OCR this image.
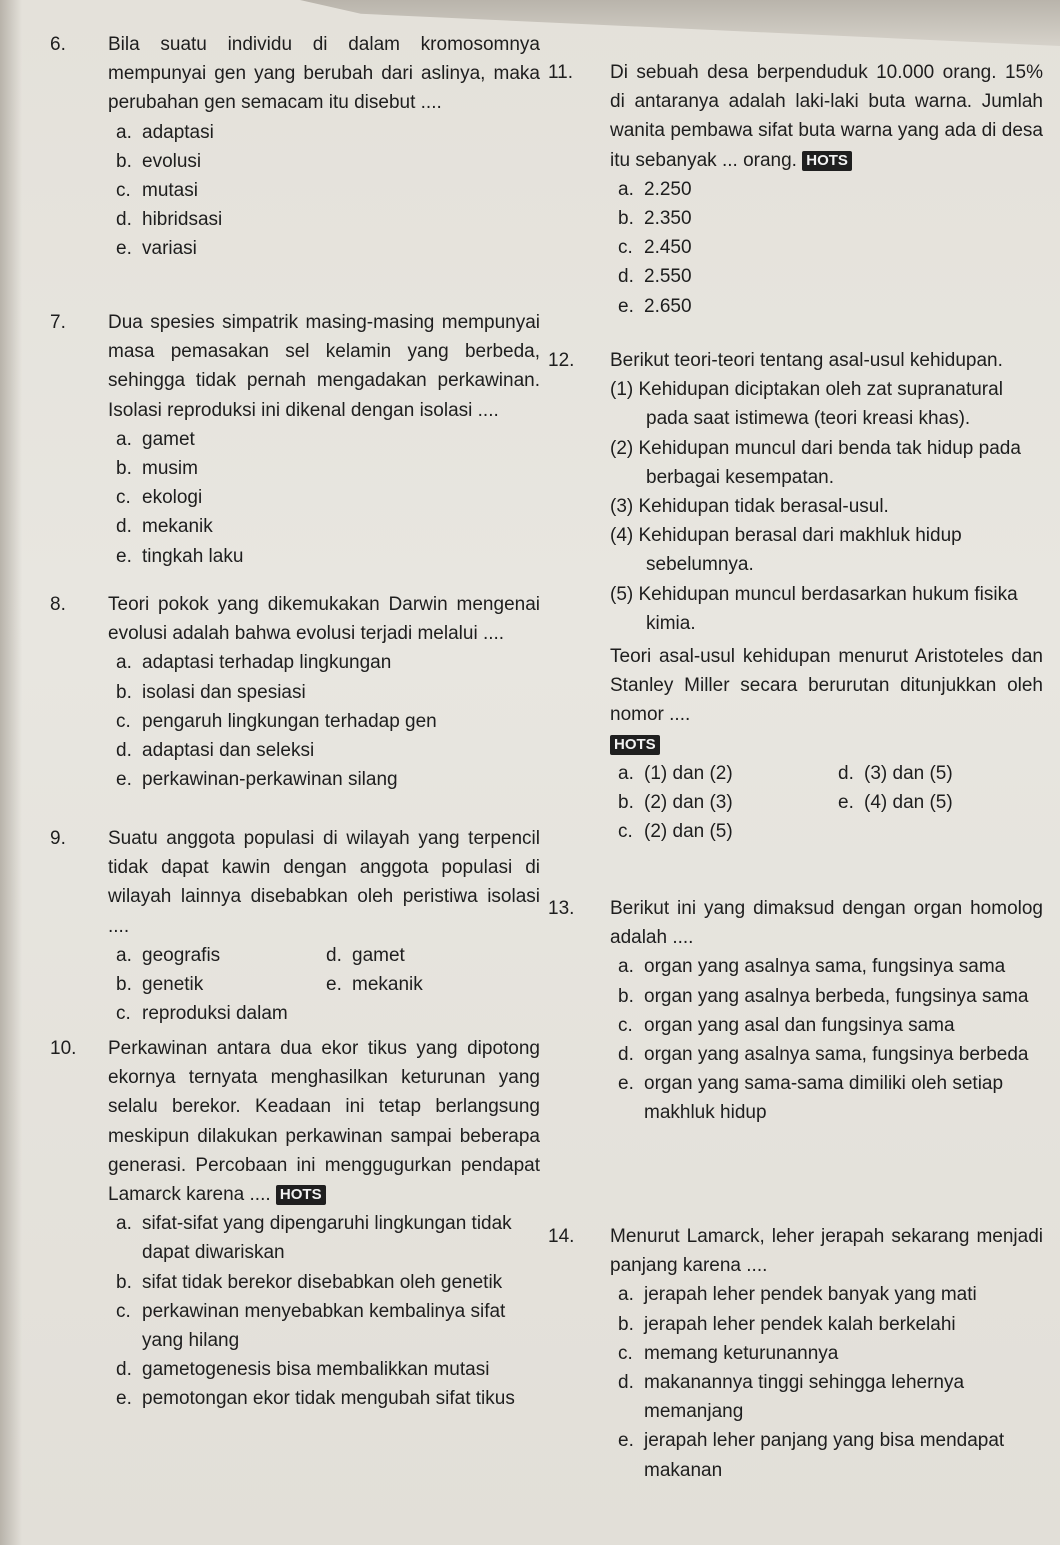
6. Bila suatu individu di dalam kromosomnya mempunyai gen yang berubah dari aslinya, maka perubahan gen semacam itu disebut ....
a. adaptasi
b. evolusi
c. mutasi
d. hibridsasi
e. variasi
7. Dua spesies simpatrik masing-masing mempunyai masa pemasakan sel kelamin yang berbeda, sehingga tidak pernah mengadakan perkawinan. Isolasi reproduksi ini dikenal dengan isolasi ....
a. gamet
b. musim
c. ekologi
d. mekanik
e. tingkah laku
8. Teori pokok yang dikemukakan Darwin mengenai evolusi adalah bahwa evolusi terjadi melalui ....
a. adaptasi terhadap lingkungan
b. isolasi dan spesiasi
c. pengaruh lingkungan terhadap gen
d. adaptasi dan seleksi
e. perkawinan-perkawinan silang
9. Suatu anggota populasi di wilayah yang terpencil tidak dapat kawin dengan anggota populasi di wilayah lainnya disebabkan oleh peristiwa isolasi ....
a. geografis	d. gamet
b. genetik	e. mekanik
c. reproduksi dalam
10. Perkawinan antara dua ekor tikus yang dipotong ekornya ternyata menghasilkan keturunan yang selalu berekor. Keadaan ini tetap berlangsung meskipun dilakukan perkawinan sampai beberapa generasi. Percobaan ini menggugurkan pendapat Lamarck karena .... HOTS
a. sifat-sifat yang dipengaruhi lingkungan tidak dapat diwariskan
b. sifat tidak berekor disebabkan oleh genetik
c. perkawinan menyebabkan kembalinya sifat yang hilang
d. gametogenesis bisa membalikkan mutasi
e. pemotongan ekor tidak mengubah sifat tikus
11. Di sebuah desa berpenduduk 10.000 orang. 15% di antaranya adalah laki-laki buta warna. Jumlah wanita pembawa sifat buta warna yang ada di desa itu sebanyak ... orang. HOTS
a. 2.250
b. 2.350
c. 2.450
d. 2.550
e. 2.650
12. Berikut teori-teori tentang asal-usul kehidupan.
(1) Kehidupan diciptakan oleh zat supranatural pada saat istimewa (teori kreasi khas).
(2) Kehidupan muncul dari benda tak hidup pada berbagai kesempatan.
(3) Kehidupan tidak berasal-usul.
(4) Kehidupan berasal dari makhluk hidup sebelumnya.
(5) Kehidupan muncul berdasarkan hukum fisika kimia.
Teori asal-usul kehidupan menurut Aristoteles dan Stanley Miller secara berurutan ditunjukkan oleh nomor ....
HOTS
a. (1) dan (2)	d. (3) dan (5)
b. (2) dan (3)	e. (4) dan (5)
c. (2) dan (5)
13. Berikut ini yang dimaksud dengan organ homolog adalah ....
a. organ yang asalnya sama, fungsinya sama
b. organ yang asalnya berbeda, fungsinya sama
c. organ yang asal dan fungsinya sama
d. organ yang asalnya sama, fungsinya berbeda
e. organ yang sama-sama dimiliki oleh setiap makhluk hidup
14. Menurut Lamarck, leher jerapah sekarang menjadi panjang karena ....
a. jerapah leher pendek banyak yang mati
b. jerapah leher pendek kalah berkelahi
c. memang keturunannya
d. makanannya tinggi sehingga lehernya memanjang
e. jerapah leher panjang yang bisa mendapat makanan
